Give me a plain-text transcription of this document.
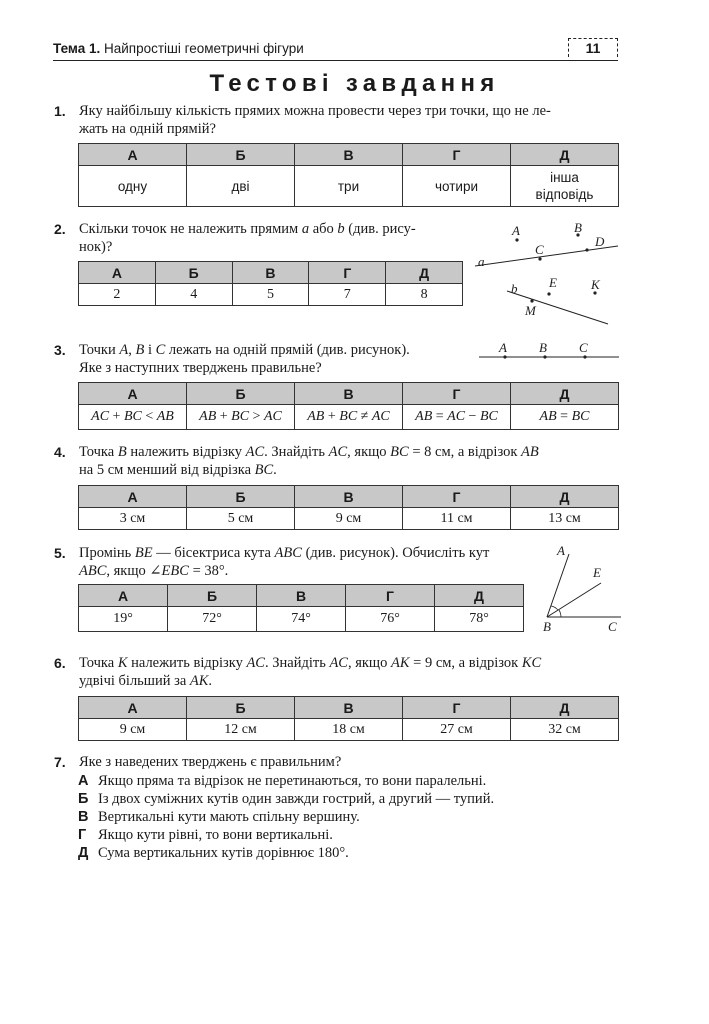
Тема 1. Найпростіші геометричні фігури	11
Тестові завдання
1. Яку найбільшу кількість прямих можна провести через три точки, що не ле-
жать на одній прямій?
А	Б	В	Г	Д
одну	дві	три	чотири	інша
відповідь
2. Скільки точок не належить прямим a або b (див. рису-
нок)?
А	Б	В	Г	Д
2	4	5	7	8
A	B
C
D
a
b E	K
M
3. Точки A, B і C лежать на одній прямій (див. рисунок).
Яке з наступних тверджень правильне?
A B C
А	Б	В	Г	Д
AC + BC < AB	AB + BC > AC	AB + BC ≠ AC	AB = AC − BC	AB = BC
4. Точка B належить відрізку AC. Знайдіть AC, якщо BC = 8 см, а відрізок AB
на 5 см менший від відрізка BC.
А	Б	В	Г	Д
3 см	5 см	9 см	11 см	13 см
5. Промінь BE — бісектриса кута ABC (див. рисунок). Обчисліть кут
ABC, якщо ∠EBC = 38°.
А	Б	В	Г	Д
19°	72°	74°	76°	78°
A
E
B	C
6. Точка K належить відрізку AC. Знайдіть AC, якщо AK = 9 см, а відрізок KC
удвічі більший за AK.
А	Б	В	Г	Д
9 см	12 см	18 см	27 см	32 см
7. Яке з наведених тверджень є правильним?
А Якщо пряма та відрізок не перетинаються, то вони паралельні.
Б Із двох суміжних кутів один завжди гострий, а другий — тупий.
В Вертикальні кути мають спільну вершину.
Г Якщо кути рівні, то вони вертикальні.
Д Сума вертикальних кутів дорівнює 180°.
